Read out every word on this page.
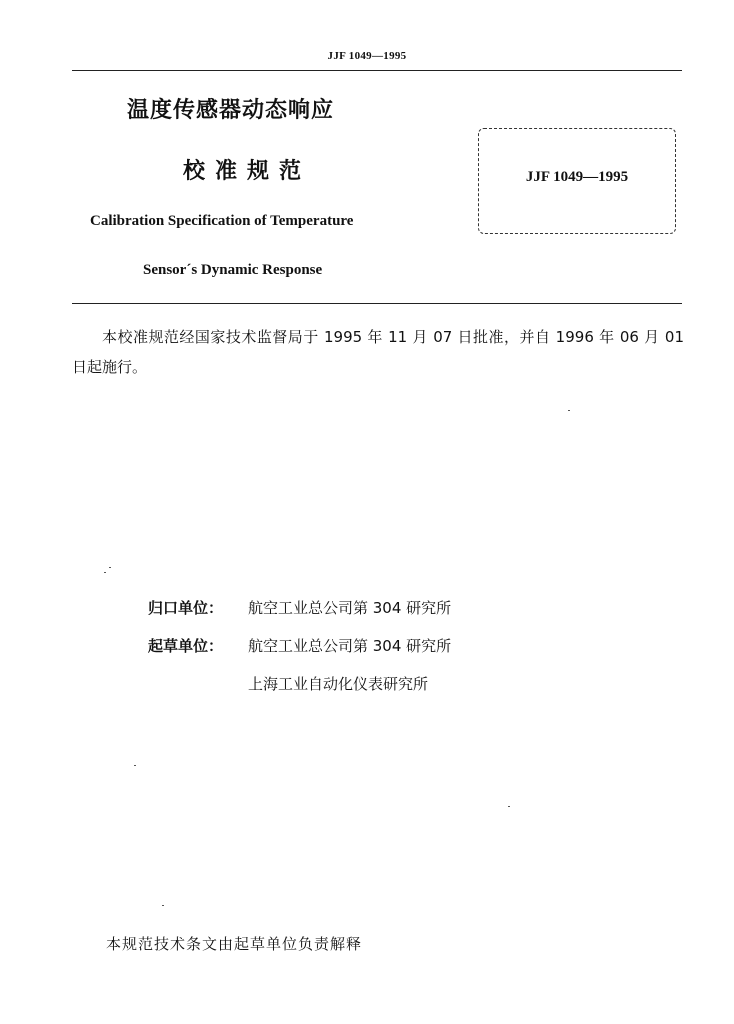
JJF 1049—1995
温度传感器动态响应
校准规范
Calibration Specification of Temperature
Sensor´s Dynamic Response
JJF 1049—1995
本校准规范经国家技术监督局于 1995 年 11 月 07 日批准，并自 1996 年 06 月 01 日起施行。
归口单位： 航空工业总公司第 304 研究所
起草单位： 航空工业总公司第 304 研究所
上海工业自动化仪表研究所
本规范技术条文由起草单位负责解释
